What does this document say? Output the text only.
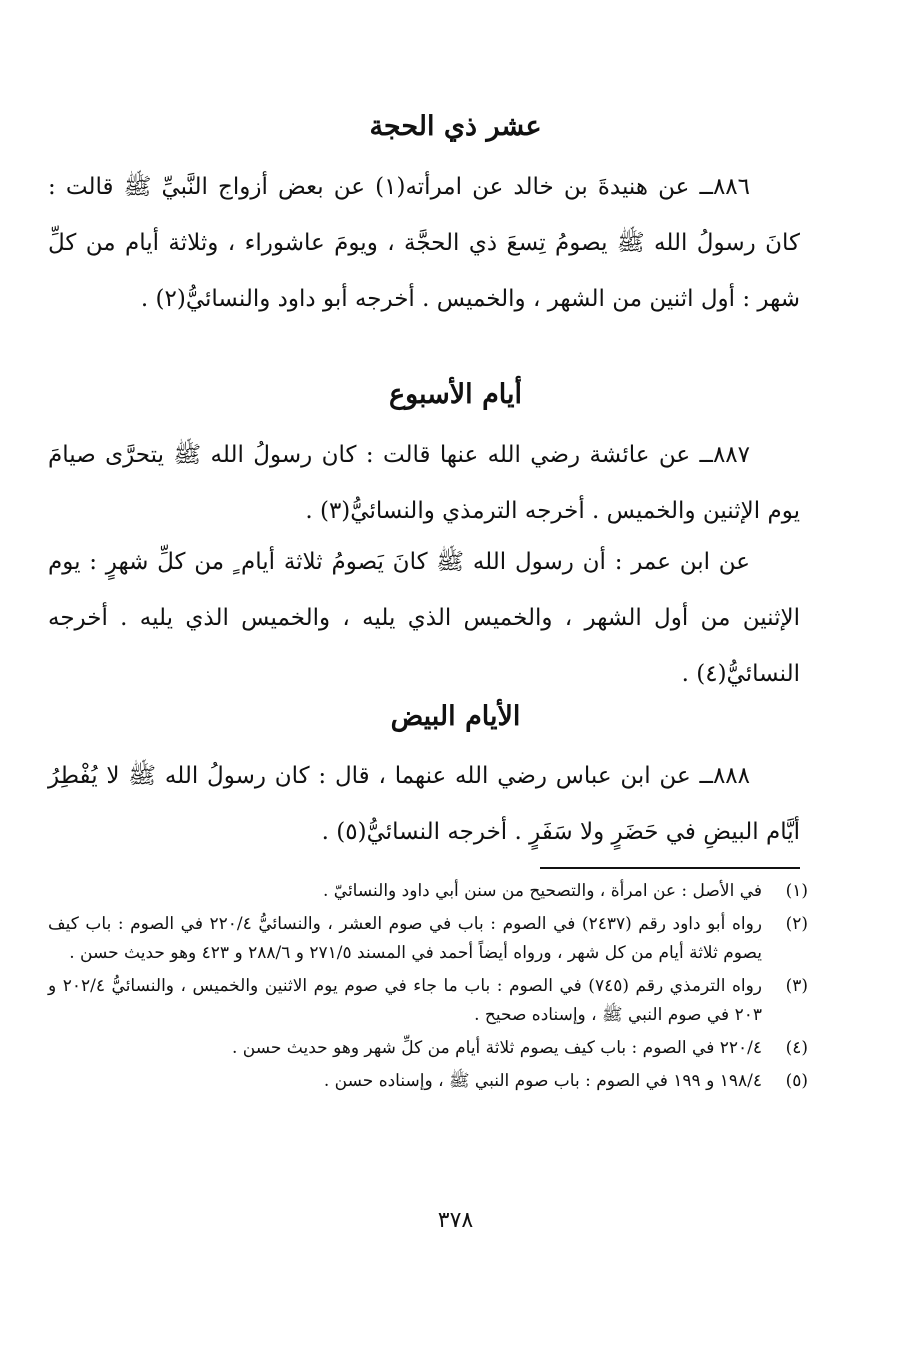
عشر ذي الحجة

٨٨٦ــ عن هنيدةَ بن خالد عن امرأته(١) عن بعض أزواج النَّبيِّ ﷺ قالت : كانَ رسولُ الله ﷺ يصومُ تِسعَ ذي الحجَّة ، ويومَ عاشوراء ، وثلاثة أيام من كلِّ شهر : أول اثنين من الشهر ، والخميس . أخرجه أبو داود والنسائيُّ(٢) .

أيام الأسبوع

٨٨٧ــ عن عائشة رضي الله عنها قالت : كان رسولُ الله ﷺ يتحرَّى صيامَ يوم الإثنين والخميس . أخرجه الترمذي والنسائيُّ(٣) .

عن ابن عمر : أن رسول الله ﷺ كانَ يَصومُ ثلاثة أيام ٍ من كلِّ شهرٍ : يوم الإثنين من أول الشهر ، والخميس الذي يليه ، والخميس الذي يليه . أخرجه النسائيُّ(٤) .

الأيام البيض

٨٨٨ــ عن ابن عباس رضي الله عنهما ، قال : كان رسولُ الله ﷺ لا يُفْطِرُ أيَّام البيضِ في حَضَرٍ ولا سَفَرٍ . أخرجه النسائيُّ(٥) .

(١)
في الأصل : عن امرأة ، والتصحيح من سنن أبي داود والنسائيّ .
(٢)
رواه أبو داود رقم (٢٤٣٧) في الصوم : باب في صوم العشر ، والنسائيُّ ٢٢٠/٤ في الصوم : باب كيف يصوم ثلاثة أيام من كل شهر ، ورواه أيضاً أحمد في المسند ٢٧١/٥ و ٢٨٨/٦ و ٤٢٣ وهو حديث حسن .
(٣)
رواه الترمذي رقم (٧٤٥) في الصوم : باب ما جاء في صوم يوم الاثنين والخميس ، والنسائيُّ ٢٠٢/٤ و ٢٠٣ في صوم النبي ﷺ ، وإسناده صحيح .
(٤)
٢٢٠/٤ في الصوم : باب كيف يصوم ثلاثة أيام من كلِّ شهر وهو حديث حسن .
(٥)
١٩٨/٤ و ١٩٩ في الصوم : باب صوم النبي ﷺ ، وإسناده حسن .
٣٧٨
